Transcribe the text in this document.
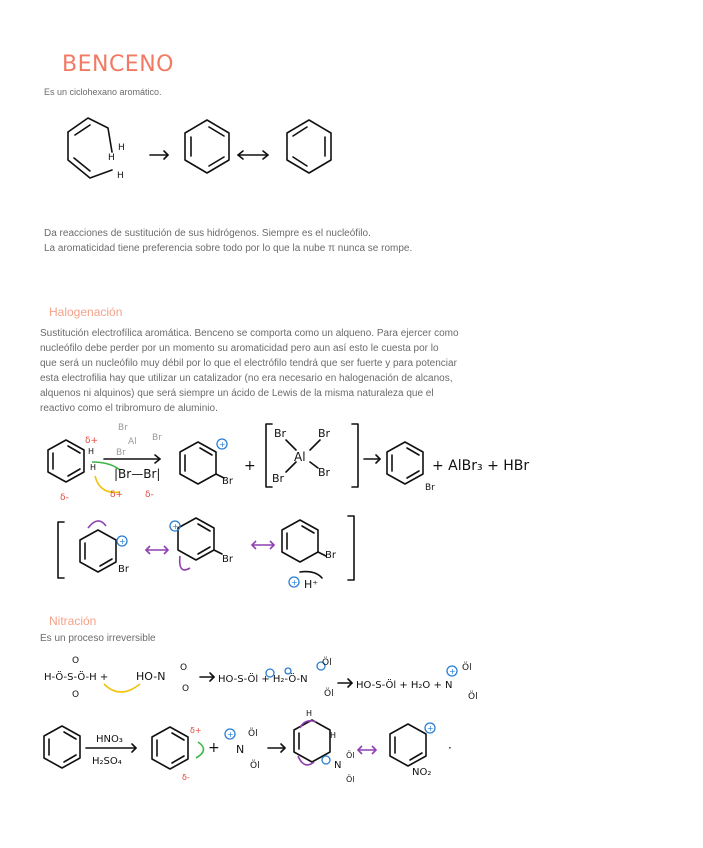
BENCENO
Es un ciclohexano aromático.
H
H
H
Da reacciones de sustitución de sus hidrógenos. Siempre es el nucleófilo.
La aromaticidad tiene preferencia sobre todo por lo que la nube π nunca se rompe.
Halogenación
Sustitución electrofílica aromática. Benceno se comporta como un alqueno. Para ejercer como
nucleófilo debe perder por un momento su aromaticidad pero aun así esto le cuesta por lo
que será un nucleófilo muy débil por lo que el electrófilo tendrá que ser fuerte y para potenciar
esta electrofilia hay que utilizar un catalizador (no era necesario en halogenación de alcanos,
alquenos ni alquinos) que será siempre un ácido de Lewis de la misma naturaleza que el
reactivo como el tribromuro de aluminio.
H
H
δ+
δ-
|Br—Br|
δ+ δ-
Br
Al Br
Br
Br
+
+
Br	Br
Al
Br	Br
Br
+ AlBr₃ + HBr
Br
+
Br
+
Br
+ H⁺
Nitración
Es un proceso irreversible
H-Ö-S-Ö-H +
O
O
HO-N
O
O
HO-S-Öl + H₂-Ö-N
Öl
Öl
HO-S-Öl + H₂O + N
+ Öl
Öl
HNO₃
H₂SO₄
δ+
δ-
+
+
N
Öl
Öl
H
H
N
Öl
Öl
+
NO₂
·
